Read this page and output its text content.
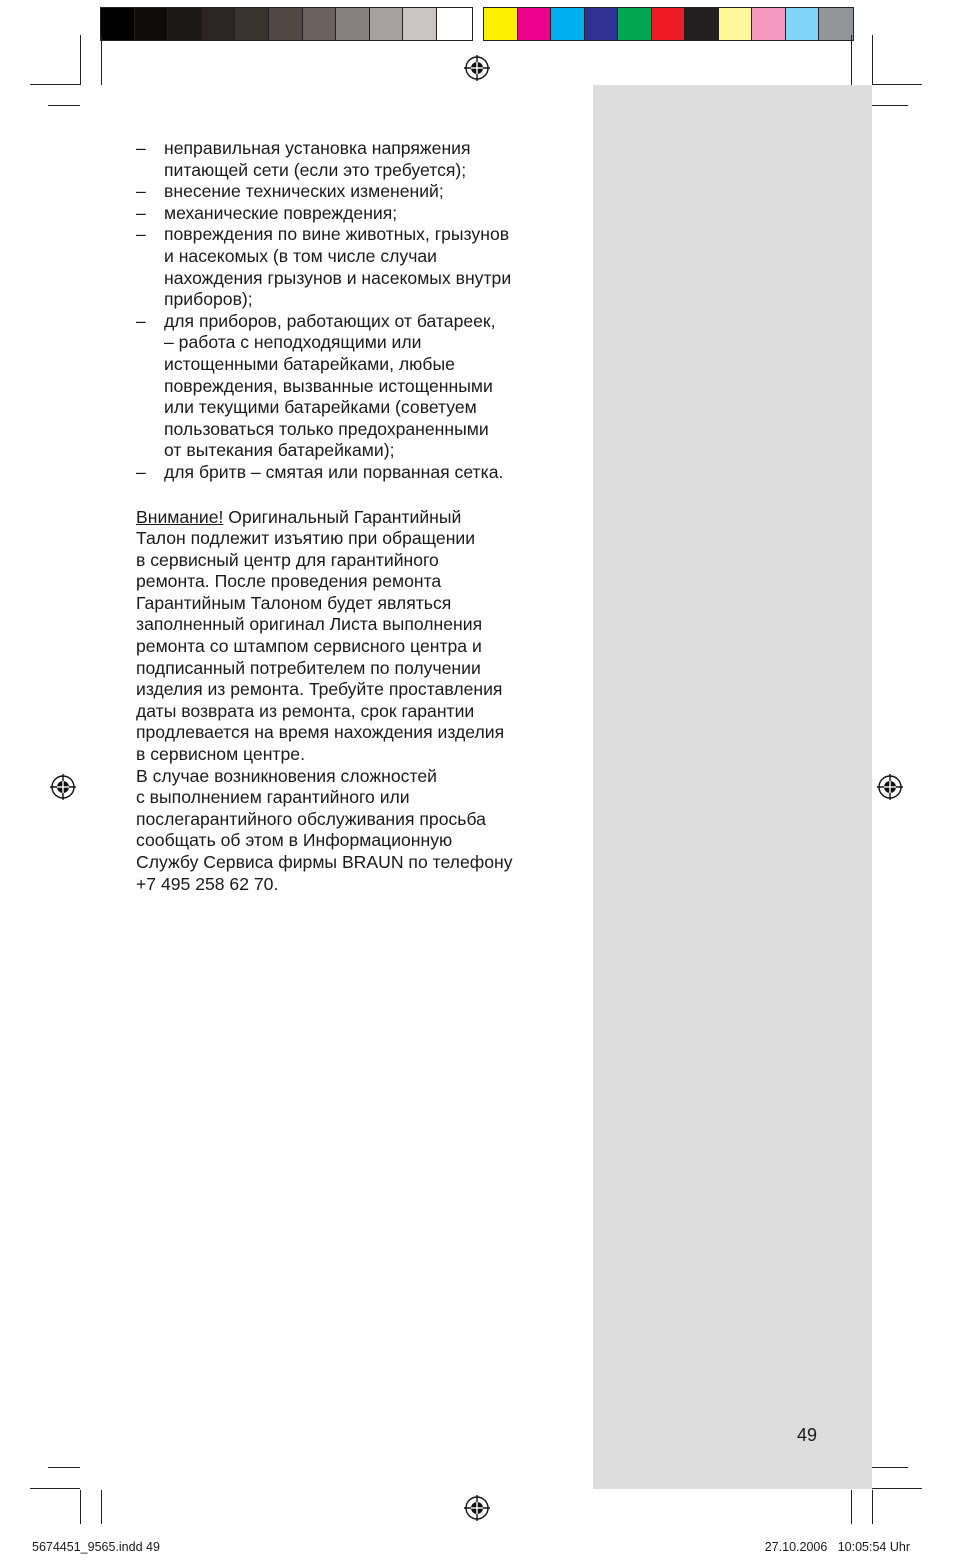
– неправильная установка напряжения
питающей сети (если это требуется);
– внесение технических изменений;
– механические повреждения;
– повреждения по вине животных, грызунов
и насекомых (в том числе случаи
нахождения грызунов и насекомых внутри
приборов);
– для приборов, работающих от батареек,
– работа с неподходящими или
истощенными батарейками, любые
повреждения, вызванные истощенными
или текущими батарейками (советуем
пользоваться только предохраненными
от вытекания батарейками);
– для бритв – смятая или порванная сетка.

Внимание! Оригинальный Гарантийный
Талон подлежит изъятию при обращении
в сервисный центр для гарантийного
ремонта. После проведения ремонта
Гарантийным Талоном будет являться
заполненный оригинал Листа выполнения
ремонта со штампом сервисного центра и
подписанный потребителем по получении
изделия из ремонта. Требуйте проставления
даты возврата из ремонта, срок гарантии
продлевается на время нахождения изделия
в сервисном центре.

В случае возникновения сложностей
с выполнением гарантийного или
послегарантийного обслуживания просьба
сообщать об этом в Информационную
Службу Сервиса фирмы BRAUN по телефону
+7 495 258 62 70.

49
5674451_9565.indd 49	27.10.2006   10:05:54 Uhr
